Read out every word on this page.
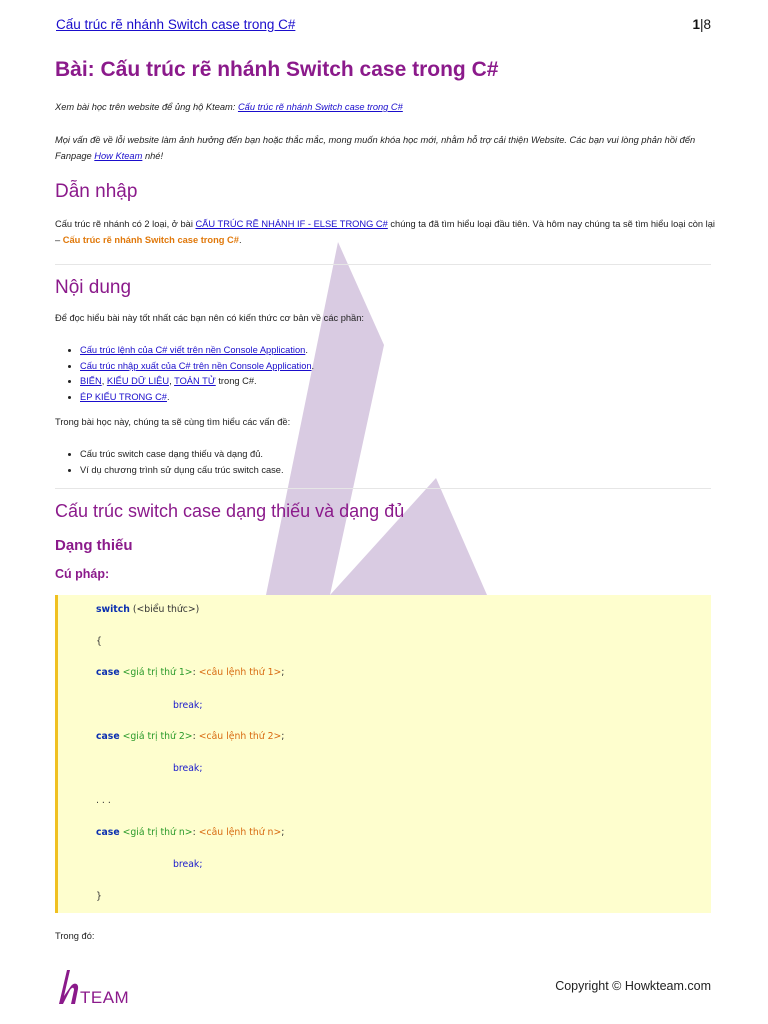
Cấu trúc rẽ nhánh Switch case trong C#	1|8
Bài: Cấu trúc rẽ nhánh Switch case trong C#
Xem bài học trên website để ủng hộ Kteam: Cấu trúc rẽ nhánh Switch case trong C#
Mọi vấn đề về lỗi website làm ảnh hưởng đến bạn hoặc thắc mắc, mong muốn khóa học mới, nhằm hỗ trợ cải thiện Website. Các bạn vui lòng phản hồi đến Fanpage How Kteam nhé!
Dẫn nhập
Cấu trúc rẽ nhánh có 2 loại, ở bài CẤU TRÚC RẼ NHÁNH IF - ELSE TRONG C# chúng ta đã tìm hiểu loại đầu tiên. Và hôm nay chúng ta sẽ tìm hiểu loại còn lại – Cấu trúc rẽ nhánh Switch case trong C#.
Nội dung
Để đọc hiểu bài này tốt nhất các bạn nên có kiến thức cơ bản về các phần:
• Cấu trúc lệnh của C# viết trên nền Console Application.
• Cấu trúc nhập xuất của C# trên nền Console Application.
• BIẾN, KIỂU DỮ LIỆU, TOÁN TỬ trong C#.
• ÉP KIỂU TRONG C#.
Trong bài học này, chúng ta sẽ cùng tìm hiểu các vấn đề:
• Cấu trúc switch case dạng thiếu và dạng đủ.
• Ví dụ chương trình sử dụng cấu trúc switch case.
Cấu trúc switch case dạng thiếu và dạng đủ
Dạng thiếu
Cú pháp:
switch (<biểu thức>)
{
case <giá trị thứ 1>: <câu lệnh thứ 1>;
break;
case <giá trị thứ 2>: <câu lệnh thứ 2>;
break;
. . .
case <giá trị thứ n>: <câu lệnh thứ n>;
break;
}
Trong đó:
TEAM
Copyright © Howkteam.com
